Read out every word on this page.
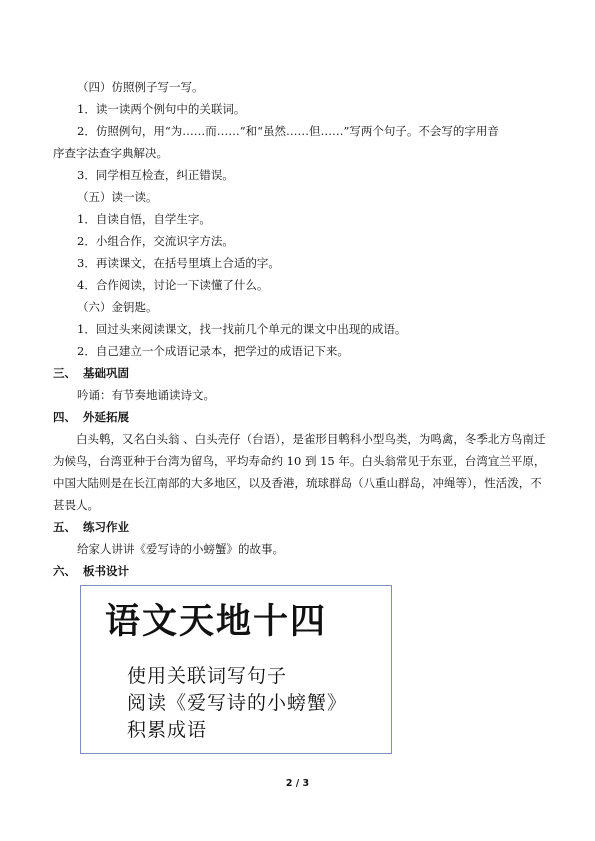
（四）仿照例子写一写。
1．读一读两个例句中的关联词。
2．仿照例句，用“为……而……”和“虽然……但……”写两个句子。不会写的字用音
序查字法查字典解决。
3．同学相互检查，纠正错误。
（五）读一读。
1．自读自悟，自学生字。
2．小组合作，交流识字方法。
3．再读课文，在括号里填上合适的字。
4．合作阅读，讨论一下读懂了什么。
（六）金钥匙。
1．回过头来阅读课文，找一找前几个单元的课文中出现的成语。
2．自己建立一个成语记录本，把学过的成语记下来。
三、 基础巩固
吟诵：有节奏地诵读诗文。
四、 外延拓展
白头鹎，又名白头翁 、白头壳仔（台语），是雀形目鹎科小型鸟类，为鸣禽，冬季北方鸟南迁为候鸟，台湾亚种于台湾为留鸟，平均寿命约 10 到 15 年。白头翁常见于东亚，台湾宜兰平原，中国大陆则是在长江南部的大多地区，以及香港，琉球群岛（八重山群岛，冲绳等），性活泼，不甚畏人。
五、 练习作业
给家人讲讲《爱写诗的小螃蟹》的故事。
六、 板书设计
语文天地十四
使用关联词写句子
阅读《爱写诗的小螃蟹》
积累成语
2 / 3
